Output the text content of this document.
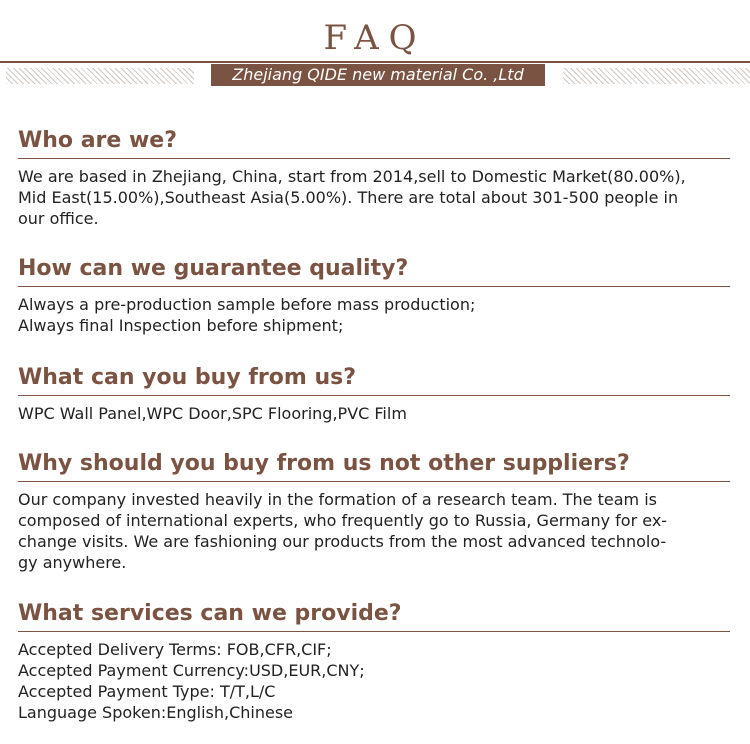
FAQ
Zhejiang QIDE new material Co. ,Ltd
Who are we?
We are based in Zhejiang, China, start from 2014,sell to Domestic Market(80.00%),
Mid East(15.00%),Southeast Asia(5.00%). There are total about 301-500 people in
our office.
How can we guarantee quality?
Always a pre-production sample before mass production;
Always final Inspection before shipment;
What can you buy from us?
WPC Wall Panel,WPC Door,SPC Flooring,PVC Film
Why should you buy from us not other suppliers?
Our company invested heavily in the formation of a research team. The team is
composed of international experts, who frequently go to Russia, Germany for ex-
change visits. We are fashioning our products from the most advanced technolo-
gy anywhere.
What services can we provide?
Accepted Delivery Terms: FOB,CFR,CIF;
Accepted Payment Currency:USD,EUR,CNY;
Accepted Payment Type: T/T,L/C
Language Spoken:English,Chinese
